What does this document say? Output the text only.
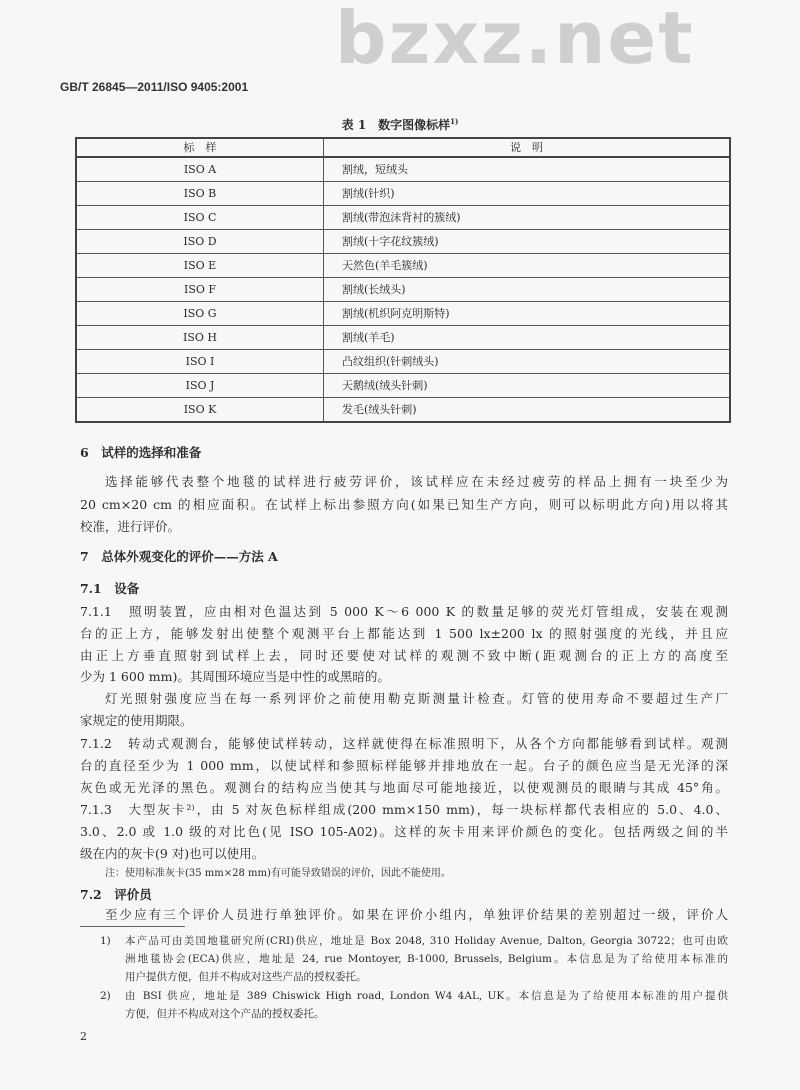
bzxz.net
GB/T 26845—2011/ISO 9405:2001
表 1　数字图像标样$^{1)}$
标　样	说　明
ISO A	割绒，短绒头
ISO B	割绒(针织)
ISO C	割绒(带泡沫背衬的簇绒)
ISO D	割绒(十字花纹簇绒)
ISO E	天然色(羊毛簇绒)
ISO F	割绒(长绒头)
ISO G	割绒(机织阿克明斯特)
ISO H	割绒(羊毛)
ISO I	凸纹组织(针刺绒头)
ISO J	天鹅绒(绒头针刺)
ISO K	发毛(绒头针刺)
6　试样的选择和准备
选择能够代表整个地毯的试样进行疲劳评价，该试样应在未经过疲劳的样品上拥有一块至少为
20 cm×20 cm 的相应面积。在试样上标出参照方向(如果已知生产方向，则可以标明此方向)用以将其
校准，进行评价。
7　总体外观变化的评价——方法 A
7.1　设备
7.1.1　照明装置，应由相对色温达到 5 000 K～6 000 K 的数量足够的荧光灯管组成，安装在观测
台的正上方，能够发射出使整个观测平台上都能达到 1 500 lx±200 lx 的照射强度的光线，并且应
由正上方垂直照射到试样上去，同时还要使对试样的观测不致中断(距观测台的正上方的高度至
少为 1 600 mm)。其周围环境应当是中性的或黑暗的。
灯光照射强度应当在每一系列评价之前使用勒克斯测量计检查。灯管的使用寿命不要超过生产厂
家规定的使用期限。
7.1.2　转动式观测台，能够使试样转动，这样就使得在标准照明下，从各个方向都能够看到试样。观测
台的直径至少为 1 000 mm，以使试样和参照标样能够并排地放在一起。台子的颜色应当是无光泽的深
灰色或无光泽的黑色。观测台的结构应当使其与地面尽可能地接近，以使观测员的眼睛与其成 45°角。
7.1.3　大型灰卡²⁾，由 5 对灰色标样组成(200 mm×150 mm)，每一块标样都代表相应的 5.0、4.0、
3.0、2.0 或 1.0 级的对比色(见 ISO 105-A02)。这样的灰卡用来评价颜色的变化。包括两级之间的半
级在内的灰卡(9 对)也可以使用。
注：使用标准灰卡(35 mm×28 mm)有可能导致错误的评价，因此不能使用。
7.2　评价员
至少应有三个评价人员进行单独评价。如果在评价小组内，单独评价结果的差别超过一级，评价人
1) 本产品可由美国地毯研究所(CRI)供应，地址是 Box 2048, 310 Holiday Avenue, Dalton, Georgia 30722；也可由欧
洲地毯协会(ECA)供应，地址是 24, rue Montoyer, B-1000, Brussels, Belgium。本信息是为了给使用本标准的
用户提供方便，但并不构成对这些产品的授权委托。
2) 由 BSI 供应，地址是 389 Chiswick High road, London W4 4AL, UK。本信息是为了给使用本标准的用户提供
方便，但并不构成对这个产品的授权委托。
2
